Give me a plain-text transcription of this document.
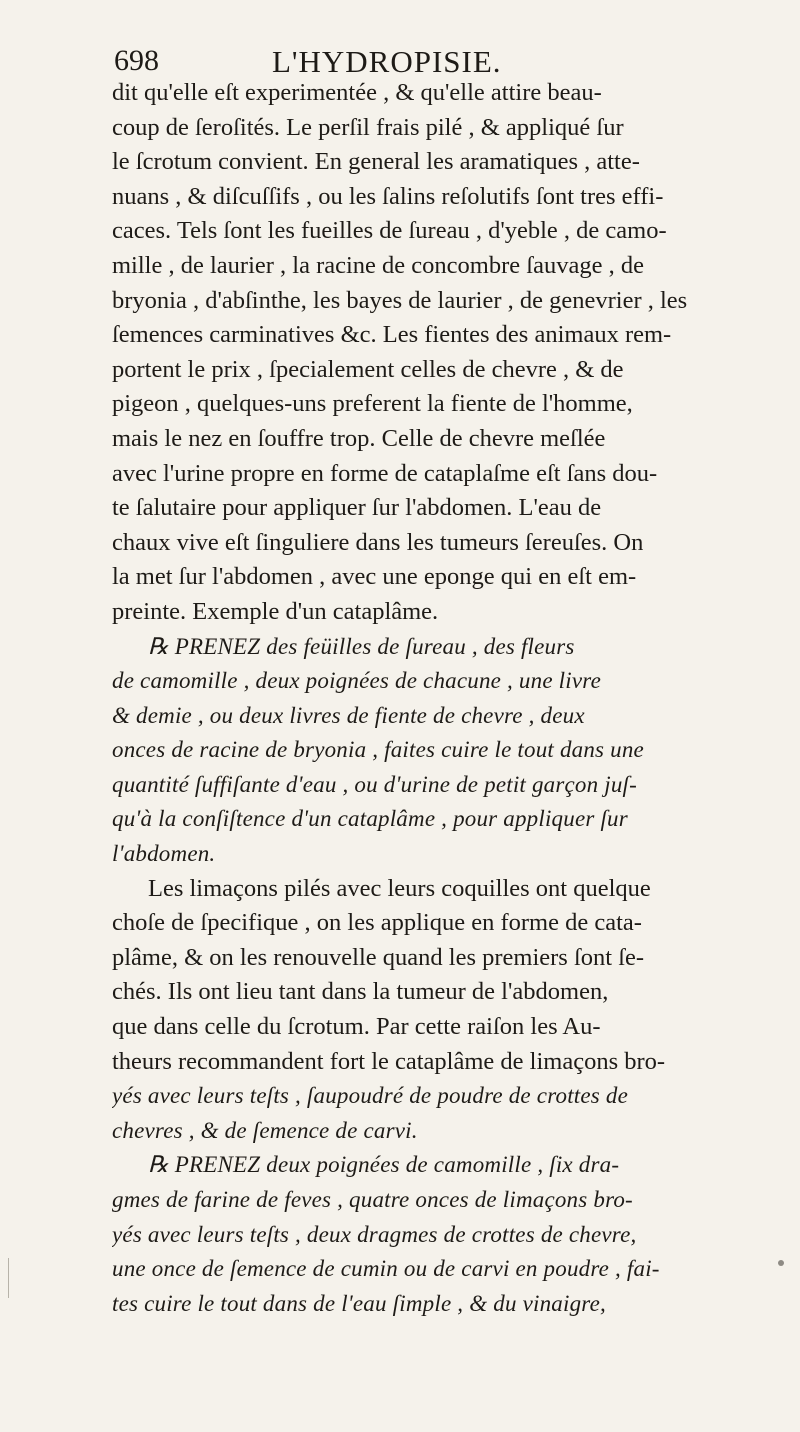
698	L'HYDROPISIE.
dit qu'elle eſt experimentée , & qu'elle attire beau-
coup de ſeroſités. Le perſil frais pilé , & appliqué ſur
le ſcrotum convient. En general les aramatiques , atte-
nuans , & diſcuſſifs , ou les ſalins reſolutifs ſont tres effi-
caces. Tels ſont les fueilles de ſureau , d'yeble , de camo-
mille , de laurier , la racine de concombre ſauvage , de
bryonia , d'abſinthe, les bayes de laurier , de genevrier , les
ſemences carminatives &c. Les fientes des animaux rem-
portent le prix , ſpecialement celles de chevre , & de
pigeon , quelques-uns preferent la fiente de l'homme,
mais le nez en ſouffre trop. Celle de chevre meſlée
avec l'urine propre en forme de cataplaſme eſt ſans dou-
te ſalutaire pour appliquer ſur l'abdomen. L'eau de
chaux vive eſt ſinguliere dans les tumeurs ſereuſes. On
la met ſur l'abdomen , avec une eponge qui en eſt em-
preinte. Exemple d'un cataplâme.
℞ PRENEZ des feüilles de ſureau , des fleurs
de camomille , deux poignées de chacune , une livre
& demie , ou deux livres de fiente de chevre , deux
onces de racine de bryonia , faites cuire le tout dans une
quantité ſuffiſante d'eau , ou d'urine de petit garçon juſ-
qu'à la conſiſtence d'un cataplâme , pour appliquer ſur
l'abdomen.
Les limaçons pilés avec leurs coquilles ont quelque
choſe de ſpecifique , on les applique en forme de cata-
plâme, & on les renouvelle quand les premiers ſont ſe-
chés. Ils ont lieu tant dans la tumeur de l'abdomen,
que dans celle du ſcrotum. Par cette raiſon les Au-
theurs recommandent fort le cataplâme de limaçons bro-
yés avec leurs teſts , ſaupoudré de poudre de crottes de
chevres , & de ſemence de carvi.
℞ PRENEZ deux poignées de camomille , ſix dra-
gmes de farine de feves , quatre onces de limaçons bro-
yés avec leurs teſts , deux dragmes de crottes de chevre,
une once de ſemence de cumin ou de carvi en poudre , fai-
tes cuire le tout dans de l'eau ſimple , & du vinaigre,
